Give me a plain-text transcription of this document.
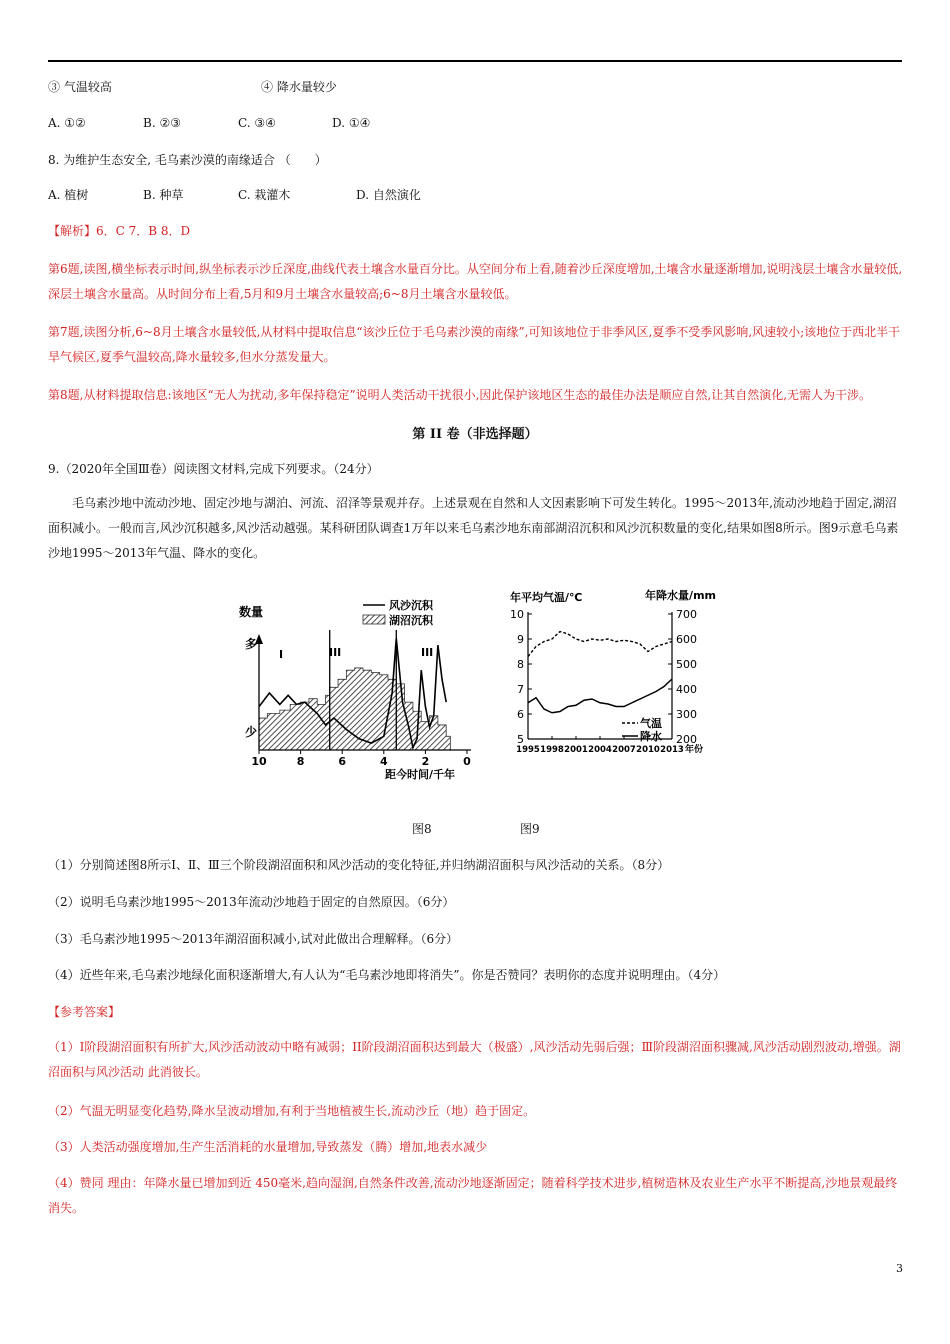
③ 气温较高	④ 降水量较少
A. ①②	B. ②③	C. ③④	D. ①④
8. 为维护生态安全, 毛乌素沙漠的南缘适合 （　　）
A. 植树	B. 种草	C. 栽灌木	D. 自然演化
【解析】6．C 7．B 8．D
第6题,读图,横坐标表示时间,纵坐标表示沙丘深度,曲线代表土壤含水量百分比。从空间分布上看,随着沙丘深度增加,土壤含水量逐渐增加,说明浅层土壤含水量较低,深层土壤含水量高。从时间分布上看,5月和9月土壤含水量较高;6~8月土壤含水量较低。
第7题,读图分析,6~8月土壤含水量较低,从材料中提取信息“该沙丘位于毛乌素沙漠的南缘”,可知该地位于非季风区,夏季不受季风影响,风速较小;该地位于西北半干旱气候区,夏季气温较高,降水量较多,但水分蒸发量大。
第8题,从材料提取信息:该地区“无人为扰动,多年保持稳定”说明人类活动干扰很小,因此保护该地区生态的最佳办法是顺应自然,让其自然演化,无需人为干涉。
第 II 卷（非选择题）
9.（2020年全国Ⅲ卷）阅读图文材料,完成下列要求。（24分）
毛乌素沙地中流动沙地、固定沙地与湖泊、河流、沼泽等景观并存。上述景观在自然和人文因素影响下可发生转化。1995～2013年,流动沙地趋于固定,湖沼面积减小。一般而言,风沙沉积越多,风沙活动越强。某科研团队调查1万年以来毛乌素沙地东南部湖沼沉积和风沙沉积数量的变化,结果如图8所示。图9示意毛乌素沙地1995～2013年气温、降水的变化。
10	8	6	4	2	0
数量
多
少
距今时间/千年
I	III	III
风沙沉积
湖沼沉积
5
6
7
8
9
10
200
300
400
500
600
700
1995 1998 2001 2004 2007 2010 2013 年份
年平均气温/℃	年降水量/mm
气温
降水
图8	图9
（1）分别简述图8所示Ⅰ、Ⅱ、Ⅲ三个阶段湖沼面积和风沙活动的变化特征,并归纳湖沼面积与风沙活动的关系。（8分）
（2）说明毛乌素沙地1995～2013年流动沙地趋于固定的自然原因。（6分）
（3）毛乌素沙地1995～2013年湖沼面积减小,试对此做出合理解释。（6分）
（4）近些年来,毛乌素沙地绿化面积逐渐增大,有人认为“毛乌素沙地即将消失”。你是否赞同？表明你的态度并说明理由。（4分）
【参考答案】
（1）I阶段湖沼面积有所扩大,风沙活动波动中略有减弱；II阶段湖沼面积达到最大（极盛）,风沙活动先弱后强；Ⅲ阶段湖沼面积骤减,风沙活动剧烈波动,增强。湖沼面积与风沙活动 此消彼长。
（2）气温无明显变化趋势,降水呈波动增加,有利于当地植被生长,流动沙丘（地）趋于固定。
（3）人类活动强度增加,生产生活消耗的水量增加,导致蒸发（腾）增加,地表水减少
（4）赞同 理由：年降水量已增加到近 450毫米,趋向湿润,自然条件改善,流动沙地逐渐固定；随着科学技术进步,植树造林及农业生产水平不断提高,沙地景观最终消失。
3
